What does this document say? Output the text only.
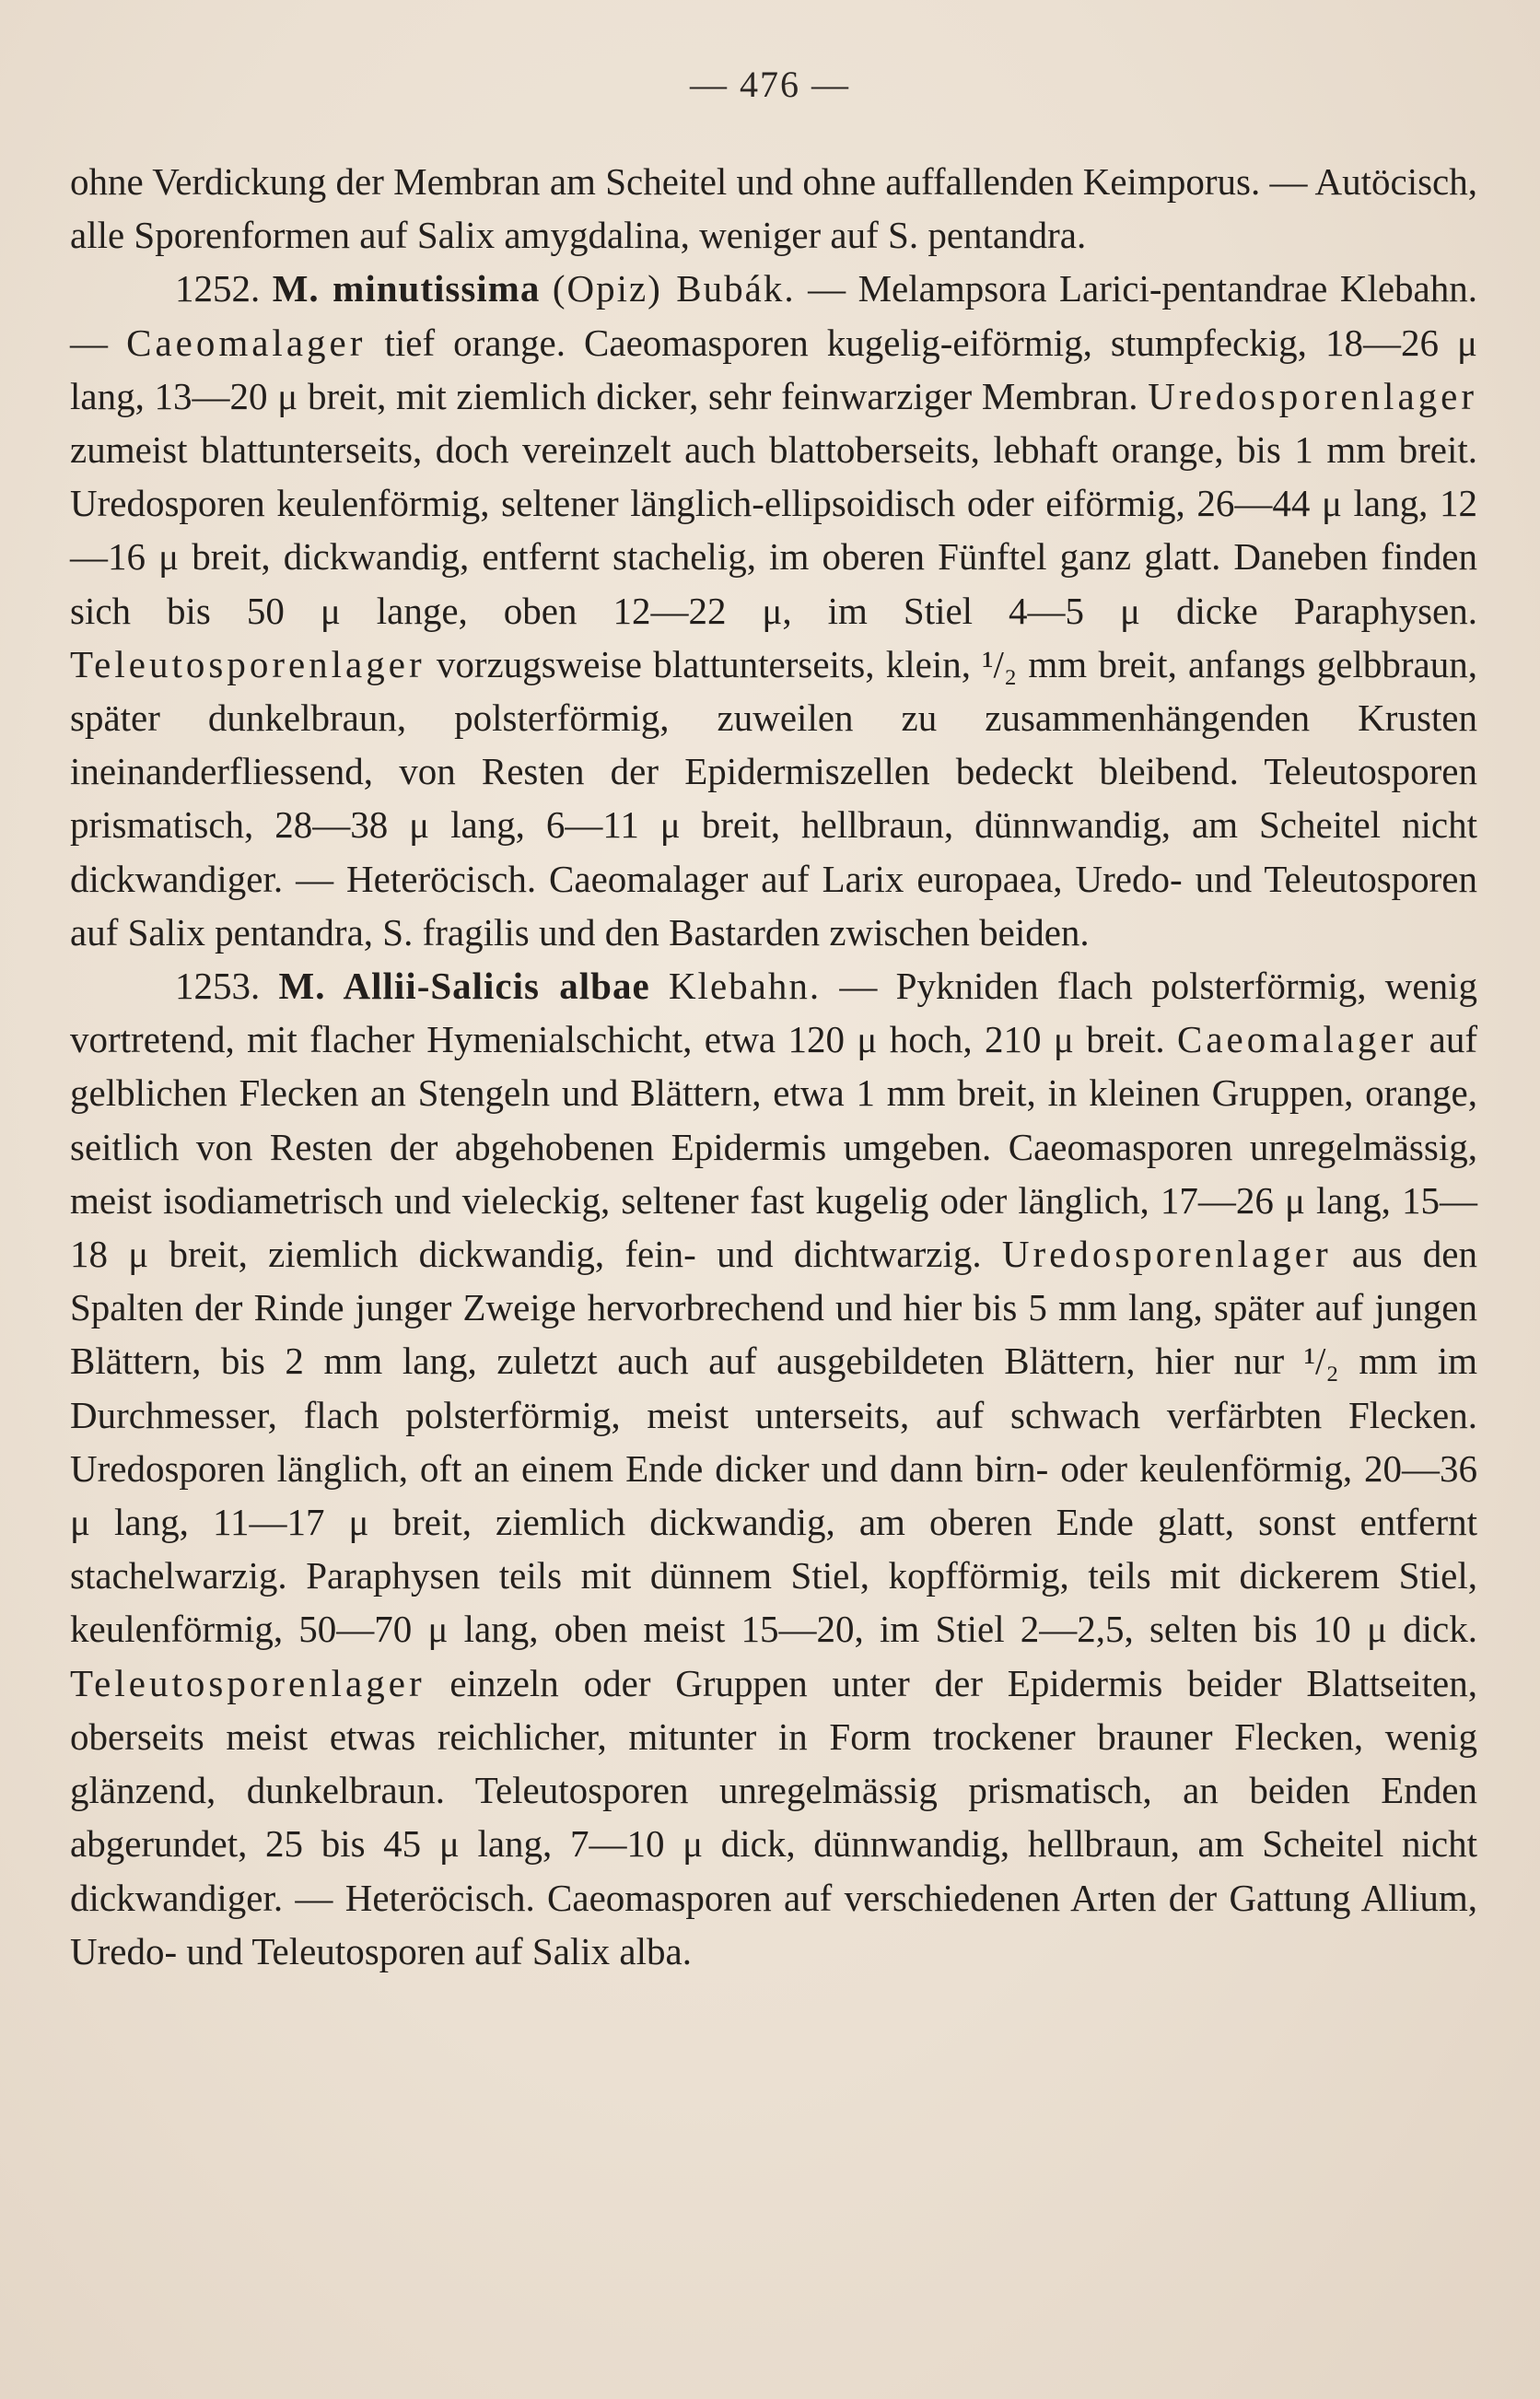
— 476 —

ohne Verdickung der Membran am Scheitel und ohne auffallenden Keimporus. — Autöcisch, alle Sporenformen auf Salix amygdalina, weniger auf S. pentandra.

1252. M. minutissima (Opiz) Bubák. — Melampsora Larici-pentandrae Klebahn. — Caeomalager tief orange. Caeomasporen kugelig-eiförmig, stumpfeckig, 18—26 μ lang, 13—20 μ breit, mit ziemlich dicker, sehr feinwarziger Membran. Uredosporenlager zumeist blattunterseits, doch vereinzelt auch blattoberseits, lebhaft orange, bis 1 mm breit. Uredosporen keulenförmig, seltener länglich-ellipsoidisch oder eiförmig, 26—44 μ lang, 12—16 μ breit, dickwandig, entfernt stachelig, im oberen Fünftel ganz glatt. Daneben finden sich bis 50 μ lange, oben 12—22 μ, im Stiel 4—5 μ dicke Paraphysen. Teleutosporenlager vorzugsweise blattunterseits, klein, ¹/₂ mm breit, anfangs gelbbraun, später dunkelbraun, polsterförmig, zuweilen zu zusammenhängenden Krusten ineinanderfliessend, von Resten der Epidermiszellen bedeckt bleibend. Teleutosporen prismatisch, 28—38 μ lang, 6—11 μ breit, hellbraun, dünnwandig, am Scheitel nicht dickwandiger. — Heteröcisch. Caeomalager auf Larix europaea, Uredo- und Teleutosporen auf Salix pentandra, S. fragilis und den Bastarden zwischen beiden.

1253. M. Allii-Salicis albae Klebahn. — Pykniden flach polsterförmig, wenig vortretend, mit flacher Hymenialschicht, etwa 120 μ hoch, 210 μ breit. Caeomalager auf gelblichen Flecken an Stengeln und Blättern, etwa 1 mm breit, in kleinen Gruppen, orange, seitlich von Resten der abgehobenen Epidermis umgeben. Caeomasporen unregelmässig, meist isodiametrisch und vieleckig, seltener fast kugelig oder länglich, 17—26 μ lang, 15—18 μ breit, ziemlich dickwandig, fein- und dichtwarzig. Uredosporenlager aus den Spalten der Rinde junger Zweige hervorbrechend und hier bis 5 mm lang, später auf jungen Blättern, bis 2 mm lang, zuletzt auch auf ausgebildeten Blättern, hier nur ¹/₂ mm im Durchmesser, flach polsterförmig, meist unterseits, auf schwach verfärbten Flecken. Uredosporen länglich, oft an einem Ende dicker und dann birn- oder keulenförmig, 20—36 μ lang, 11—17 μ breit, ziemlich dickwandig, am oberen Ende glatt, sonst entfernt stachelwarzig. Paraphysen teils mit dünnem Stiel, kopfförmig, teils mit dickerem Stiel, keulenförmig, 50—70 μ lang, oben meist 15—20, im Stiel 2—2,5, selten bis 10 μ dick. Teleutosporenlager einzeln oder Gruppen unter der Epidermis beider Blattseiten, oberseits meist etwas reichlicher, mitunter in Form trockener brauner Flecken, wenig glänzend, dunkelbraun. Teleutosporen unregelmässig prismatisch, an beiden Enden abgerundet, 25 bis 45 μ lang, 7—10 μ dick, dünnwandig, hellbraun, am Scheitel nicht dickwandiger. — Heteröcisch. Caeomasporen auf verschiedenen Arten der Gattung Allium, Uredo- und Teleutosporen auf Salix alba.
